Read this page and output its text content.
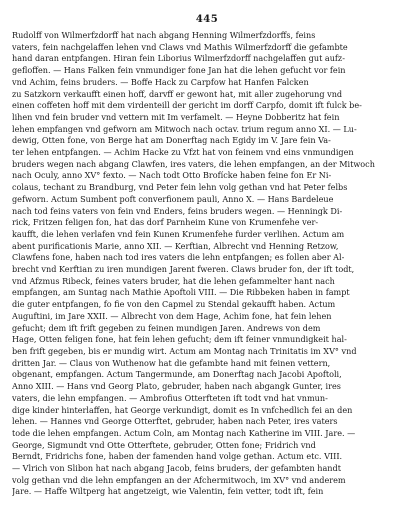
445
Rudolff von Wilmerfzdorff hat nach abgang Henning Wilmerfzdorffs, feins
vaters, fein nachgelaffen lehen vnd Claws vnd Mathis Wilmerfzdorff die gefambte
hand daran entpfangen. Hiran fein Liborius Wilmerfzdorff nachgelaffen gut aufz-
gefloffen. — Hans Falken fein vnmundiger fone Jan hat die lehen gefucht vor fein
vnd Achim, feins bruders. — Boffe Hack zu Carpfow hat Hanfen Falcken
zu Satzkorn verkaufft einen hoff, darvff er gewont hat, mit aller zugehorung vnd
einen coffeten hoff mit dem virdenteill der gericht im dorff Carpfo, domit ift fulck be-
lihen vnd fein bruder vnd vettern mit Im verfamelt. — Heyne Dobberitz hat fein
lehen empfangen vnd gefworn am Mitwoch nach octav. trium regum anno XI. — Lu-
dewig, Otten fone, von Berge hat am Donerftag nach Egidy im V. Jare fein Va-
ter lehen entpfangen. — Achim Hacke zu Vfzt hat von feinem vnd eins vnmundigen
bruders wegen nach abgang Clawfen, ires vaters, die lehen empfangen, an der Mitwoch
nach Oculy, anno XV° fexto. — Nach todt Otto Brofícke haben feine fon Er Ni-
colaus, techant zu Brandburg, vnd Peter fein lehn volg gethan vnd hat Peter felbs
gefworn. Actum Sumbent poft converfionem pauli, Anno X. — Hans Bardeleue
nach tod feins vaters von fein vnd Enders, feins bruders wegen. — Henningk Di-
rick, Fritzen feligen fon, hat das dorf Parnheim Kune von Krumenfehe ver-
kaufft, die lehen verlafen vnd fein Kunen Krumenfehe furder verlihen. Actum am
abent purificationis Marie, anno XII. — Kerftian, Albrecht vnd Henning Retzow,
Clawfens fone, haben nach tod ires vaters die lehn entpfangen; es follen aber Al-
brecht vnd Kerftian zu iren mundigen Jarent fweren. Claws bruder fon, der ift todt,
vnd Afzmus Ribeck, feines vaters bruder, hat die lehen gefammelter hant nach
empfangen, am Suntag nach Mathie Apoftoli VIII. — Die Ribbeken haben in fampt
die guter entpfangen, fo fie von den Capmel zu Stendal gekaufft haben. Actum
Auguftini, im Jare XXII. — Albrecht von dem Hage, Achim fone, hat fein lehen
gefucht; dem ift frift gegeben zu feinen mundigen Jaren. Andrews von dem
Hage, Otten feligen fone, hat fein lehen gefucht; dem ift feiner vnmundigkeit hal-
ben frift gegeben, bis er mundig wirt. Actum am Montag nach Trinitatis im XV° vnd
dritten Jar. — Claus von Wuthenow hat die gefambte hand mit feinen vettern,
obgenant, empfangen. Actum Tangermunde, am Donerftag nach Jacobi Apoftoli,
Anno XIII. — Hans vnd Georg Plato, gebruder, haben nach abgangk Gunter, ires
vaters, die lehn empfangen. — Ambrofius Otterfteten ift todt vnd hat vnmun-
dige kinder hinterlaffen, hat George verkundigt, domit es In vnfchedlich fei an den
lehen. — Hannes vnd George Otterftet, gebruder, haben nach Peter, ires vaters
tode die lehen empfangen. Actum Coln, am Montag nach Katherine im VIII. Jare. —
George, Sigmundt vnd Otte Otterftete, gebruder, Otten fone; Fridrich vnd
Berndt, Fridrichs fone, haben der famenden hand volge gethan. Actum etc. VIII.
— Vlrich von Slibon hat nach abgang Jacob, feins bruders, der gefambten handt
volg gethan vnd die lehn empfangen an der Afchermitwoch, im XV° vnd anderem
Jare. — Haffe Wiltperg hat angetzeigt, wie Valentin, fein vetter, todt ift, fein
